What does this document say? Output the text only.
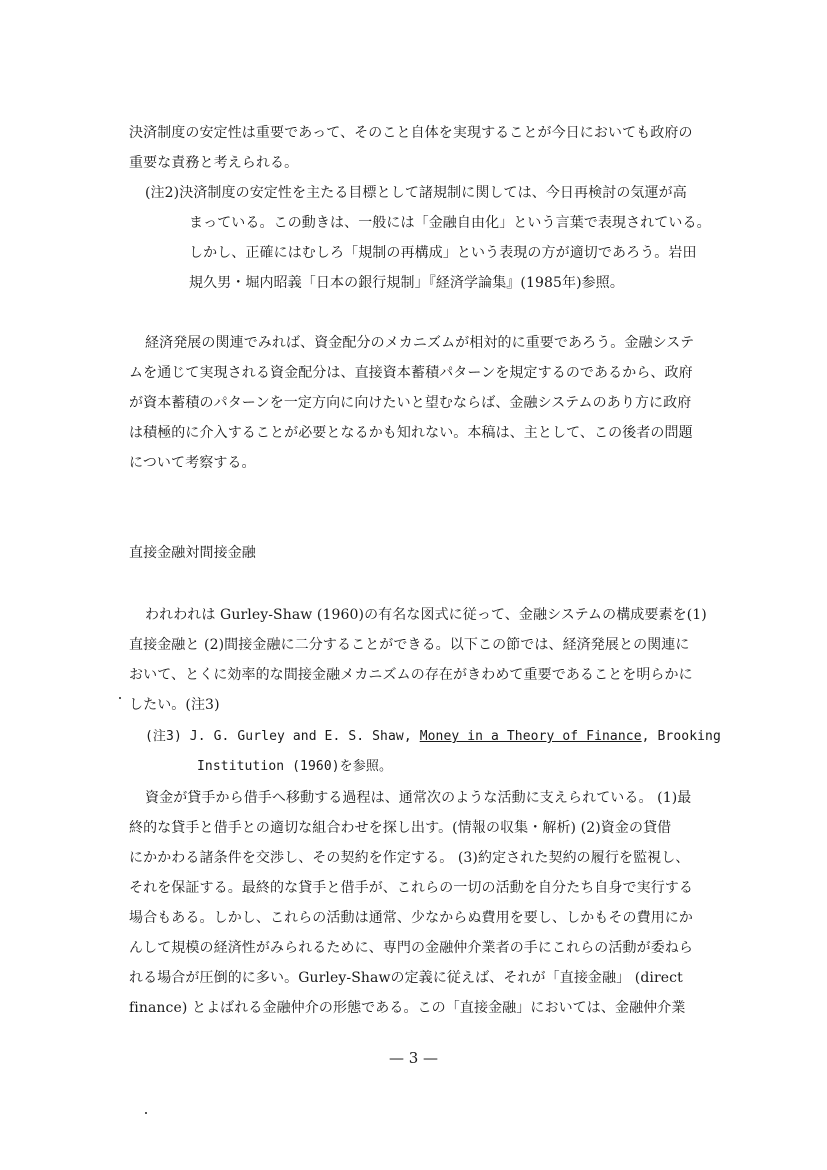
決済制度の安定性は重要であって、そのこと自体を実現することが今日においても政府の
重要な責務と考えられる。
(注2)決済制度の安定性を主たる目標として諸規制に関しては、今日再検討の気運が高
まっている。この動きは、一般には「金融自由化」という言葉で表現されている。
しかし、正確にはむしろ「規制の再構成」という表現の方が適切であろう。岩田
規久男・堀内昭義「日本の銀行規制」『経済学論集』(1985年)参照。
経済発展の関連でみれば、資金配分のメカニズムが相対的に重要であろう。金融システ
ムを通じて実現される資金配分は、直接資本蓄積パターンを規定するのであるから、政府
が資本蓄積のパターンを一定方向に向けたいと望むならば、金融システムのあり方に政府
は積極的に介入することが必要となるかも知れない。本稿は、主として、この後者の問題
について考察する。
直接金融対間接金融
われわれは Gurley-Shaw (1960)の有名な図式に従って、金融システムの構成要素を(1)
直接金融と (2)間接金融に二分することができる。以下この節では、経済発展との関連に
おいて、とくに効率的な間接金融メカニズムの存在がきわめて重要であることを明らかに
したい。(注3)
(注3) J. G. Gurley and E. S. Shaw, Money in a Theory of Finance, Brooking
Institution (1960)を参照。
資金が貸手から借手へ移動する過程は、通常次のような活動に支えられている。 (1)最
終的な貸手と借手との適切な組合わせを探し出す。(情報の収集・解析) (2)資金の貸借
にかかわる諸条件を交渉し、その契約を作定する。 (3)約定された契約の履行を監視し、
それを保証する。最終的な貸手と借手が、これらの一切の活動を自分たち自身で実行する
場合もある。しかし、これらの活動は通常、少なからぬ費用を要し、しかもその費用にか
んして規模の経済性がみられるために、専門の金融仲介業者の手にこれらの活動が委ねら
れる場合が圧倒的に多い。Gurley-Shawの定義に従えば、それが「直接金融」 (direct
finance) とよばれる金融仲介の形態である。この「直接金融」においては、金融仲介業
— 3 —
